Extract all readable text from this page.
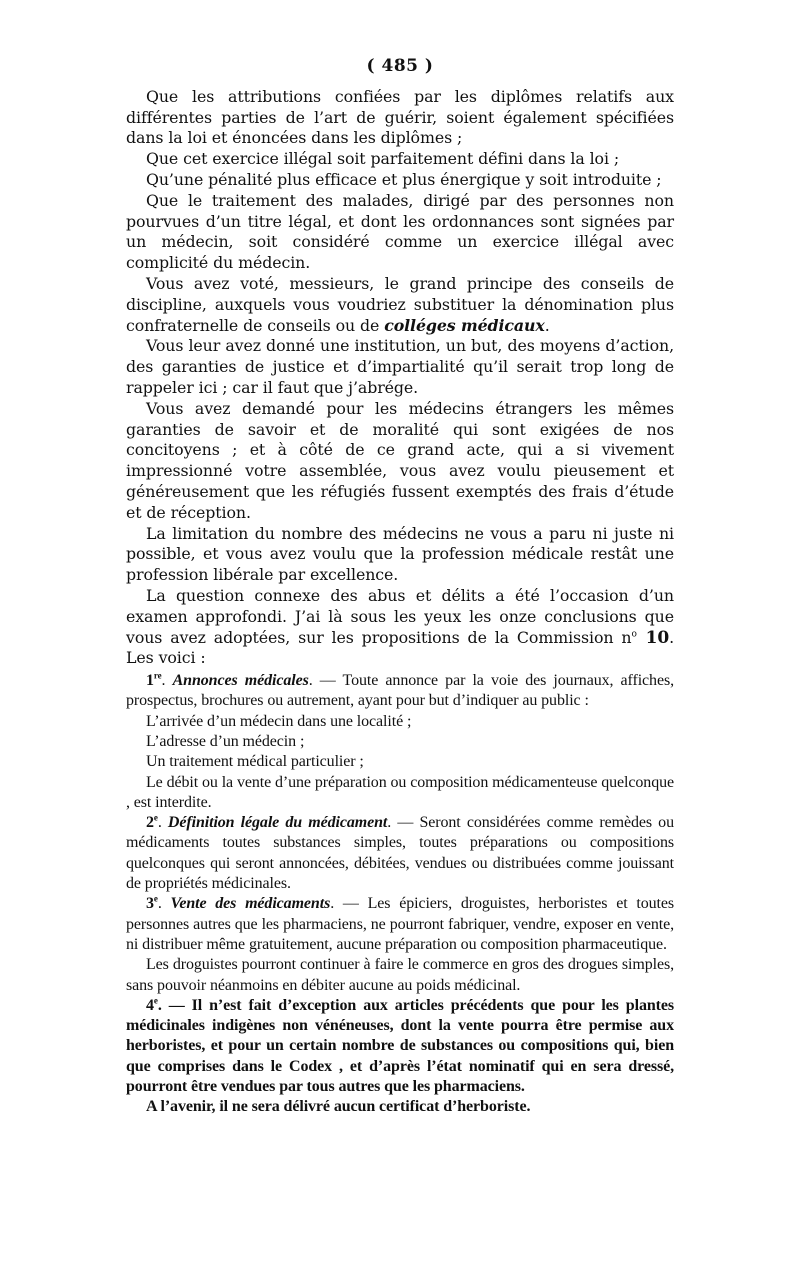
( 485 )

Que les attributions confiées par les diplômes relatifs aux différentes parties de l’art de guérir, soient également spécifiées dans la loi et énoncées dans les diplômes ;

Que cet exercice illégal soit parfaitement défini dans la loi ;

Qu’une pénalité plus efficace et plus énergique y soit introduite ;

Que le traitement des malades, dirigé par des personnes non pourvues d’un titre légal, et dont les ordonnances sont signées par un médecin, soit considéré comme un exercice illégal avec complicité du médecin.

Vous avez voté, messieurs, le grand principe des conseils de discipline, auxquels vous voudriez substituer la dénomination plus confraternelle de conseils ou de colléges médicaux.

Vous leur avez donné une institution, un but, des moyens d’action, des garanties de justice et d’impartialité qu’il serait trop long de rappeler ici ; car il faut que j’abrége.

Vous avez demandé pour les médecins étrangers les mêmes garanties de savoir et de moralité qui sont exigées de nos concitoyens ; et à côté de ce grand acte, qui a si vivement impressionné votre assemblée, vous avez voulu pieusement et généreusement que les réfugiés fussent exemptés des frais d’étude et de réception.

La limitation du nombre des médecins ne vous a paru ni juste ni possible, et vous avez voulu que la profession médicale restât une profession libérale par excellence.

La question connexe des abus et délits a été l’occasion d’un examen approfondi. J’ai là sous les yeux les onze conclusions que vous avez adoptées, sur les propositions de la Commission $n^o$ 10. Les voici :

1re. Annonces médicales. — Toute annonce par la voie des journaux, affiches, prospectus, brochures ou autrement, ayant pour but d’indiquer au public :

L’arrivée d’un médecin dans une localité ;

L’adresse d’un médecin ;

Un traitement médical particulier ;

Le débit ou la vente d’une préparation ou composition médicamenteuse quelconque , est interdite.

2e. Définition légale du médicament. — Seront considérées comme remèdes ou médicaments toutes substances simples, toutes préparations ou compositions quelconques qui seront annoncées, débitées, vendues ou distribuées comme jouissant de propriétés médicinales.

3e. Vente des médicaments. — Les épiciers, droguistes, herboristes et toutes personnes autres que les pharmaciens, ne pourront fabriquer, vendre, exposer en vente, ni distribuer même gratuitement, aucune préparation ou composition pharmaceutique.

Les droguistes pourront continuer à faire le commerce en gros des drogues simples, sans pouvoir néanmoins en débiter aucune au poids médicinal.

4e. — Il n’est fait d’exception aux articles précédents que pour les plantes médicinales indigènes non vénéneuses, dont la vente pourra être permise aux herboristes, et pour un certain nombre de substances ou compositions qui, bien que comprises dans le Codex , et d’après l’état nominatif qui en sera dressé, pourront être vendues par tous autres que les pharmaciens.

A l’avenir, il ne sera délivré aucun certificat d’herboriste.
